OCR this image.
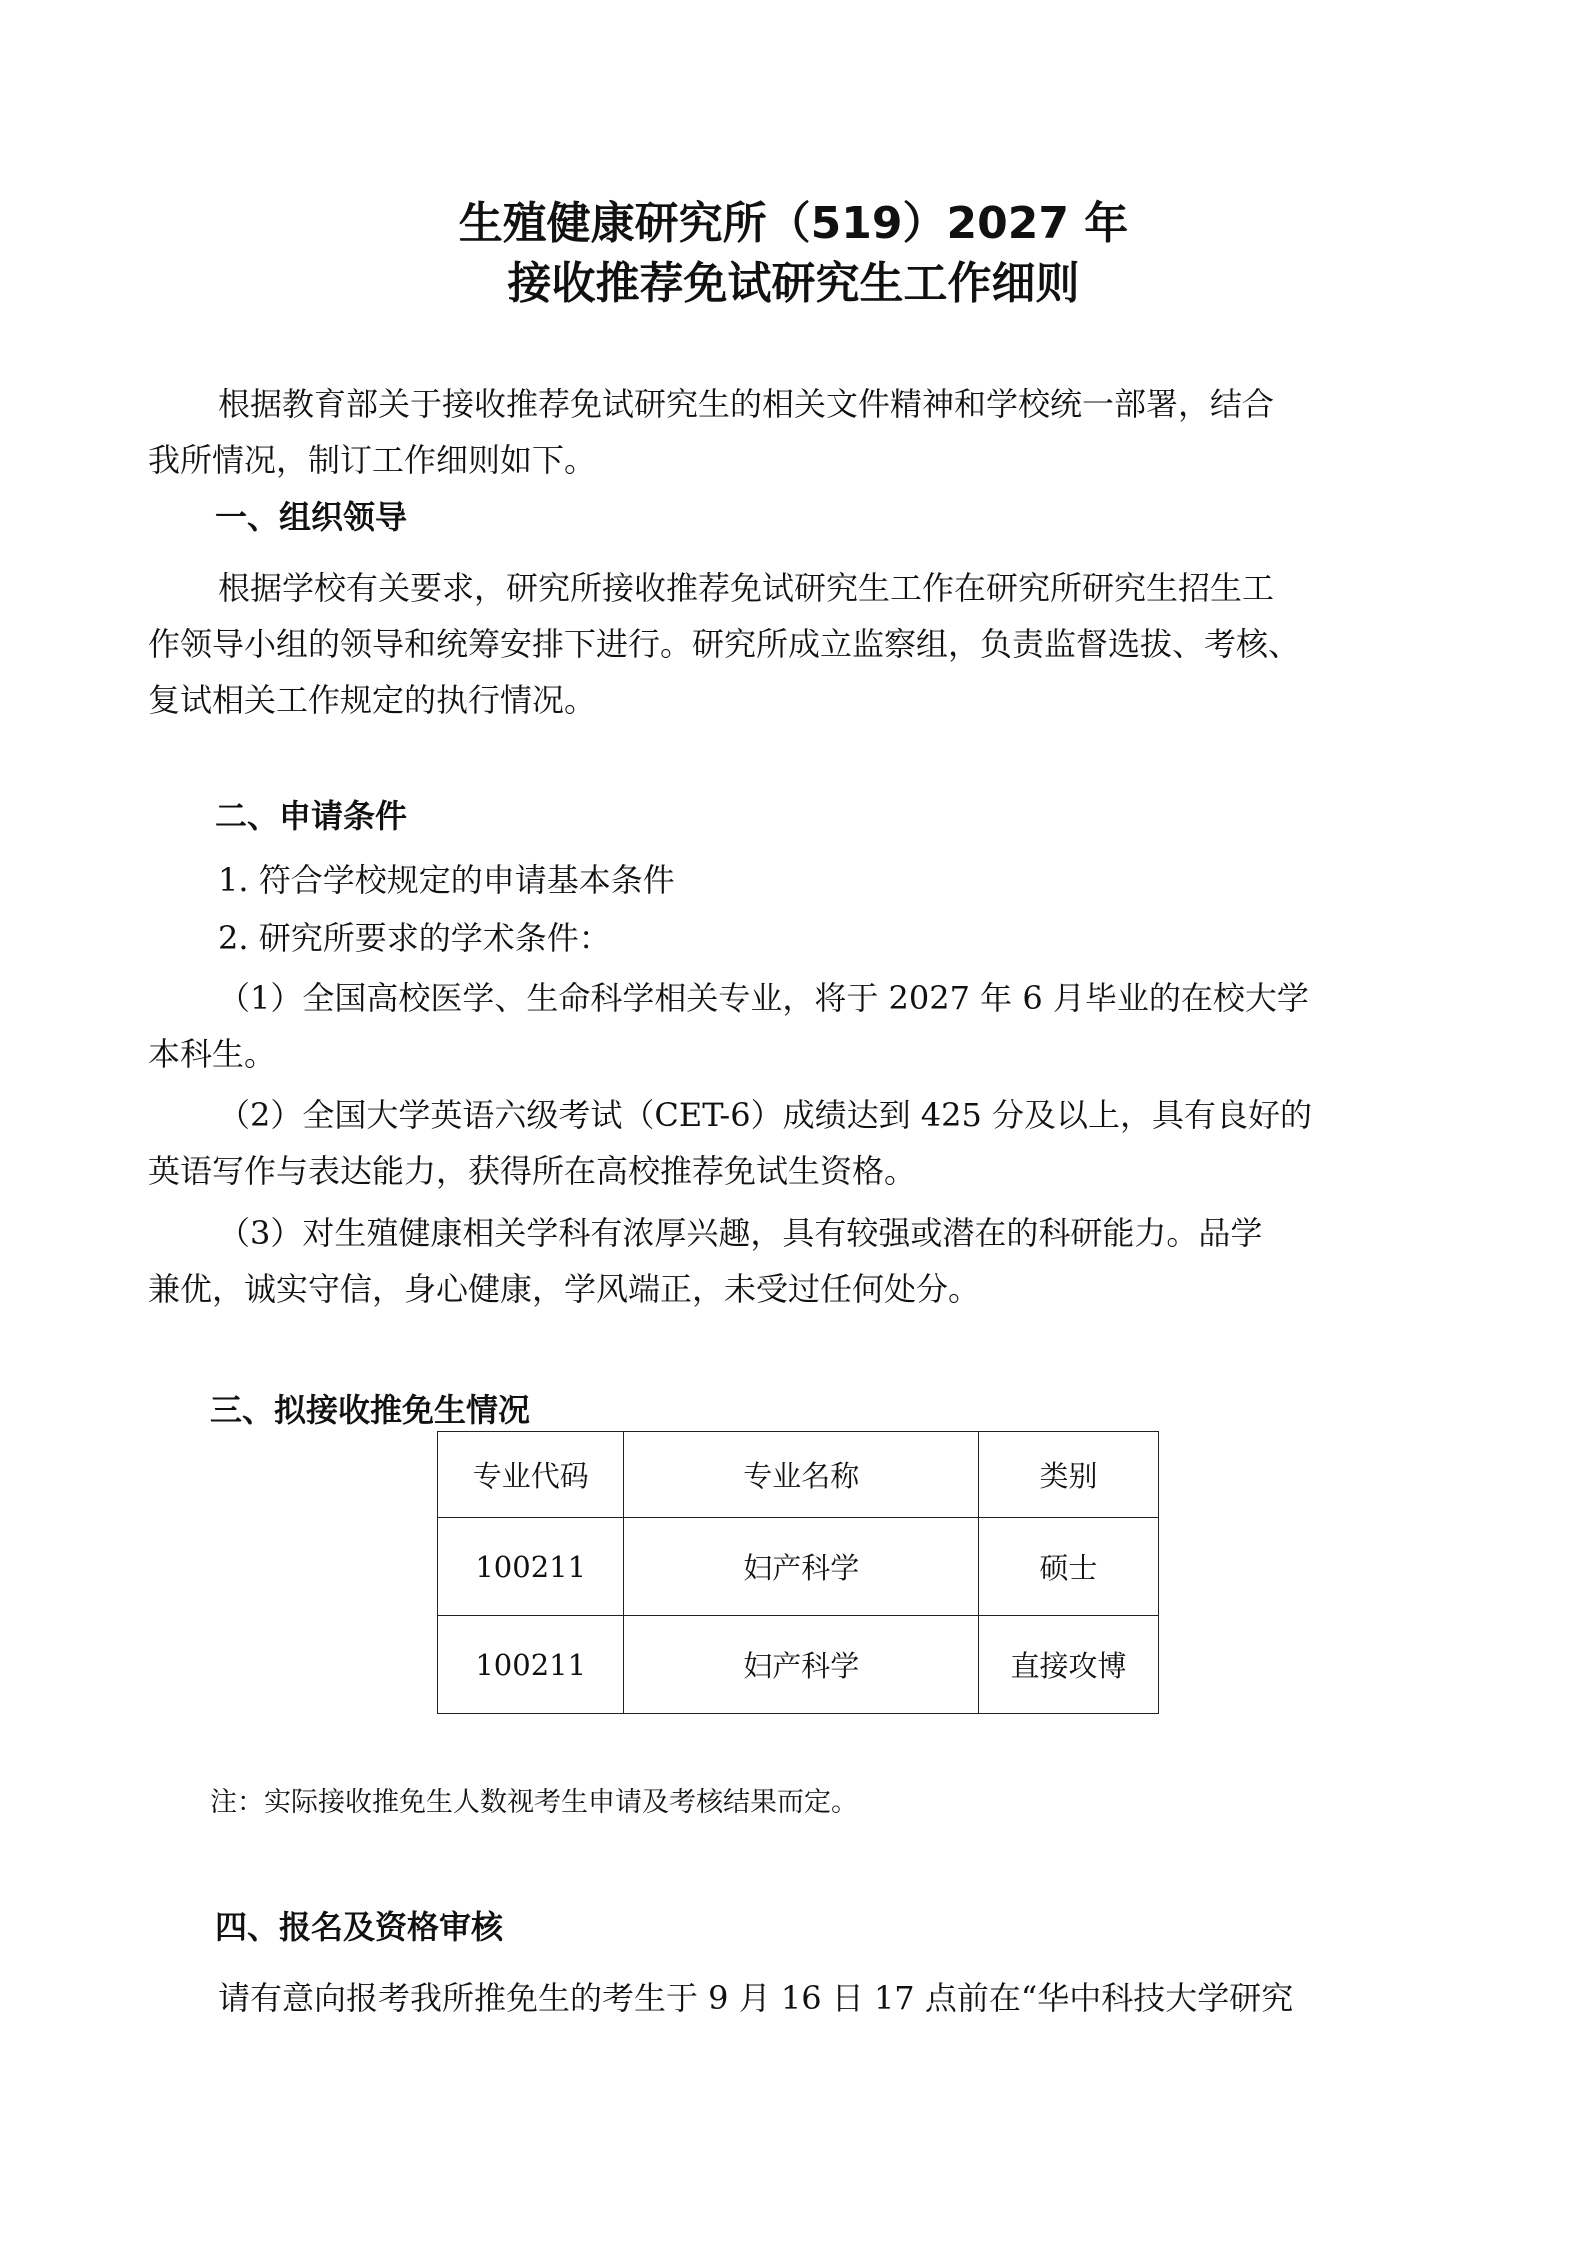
生殖健康研究所（519）2027 年
接收推荐免试研究生工作细则

根据教育部关于接收推荐免试研究生的相关文件精神和学校统一部署，结合
我所情况，制订工作细则如下。

一、组织领导

根据学校有关要求，研究所接收推荐免试研究生工作在研究所研究生招生工
作领导小组的领导和统筹安排下进行。研究所成立监察组，负责监督选拔、考核、
复试相关工作规定的执行情况。

二、申请条件

1. 符合学校规定的申请基本条件

2. 研究所要求的学术条件：

（1）全国高校医学、生命科学相关专业，将于 2027 年 6 月毕业的在校大学
本科生。

（2）全国大学英语六级考试（CET-6）成绩达到 425 分及以上，具有良好的
英语写作与表达能力，获得所在高校推荐免试生资格。

（3）对生殖健康相关学科有浓厚兴趣，具有较强或潜在的科研能力。品学
兼优，诚实守信，身心健康，学风端正，未受过任何处分。

三、拟接收推免生情况
专业代码	专业名称	类别
100211	妇产科学	硕士
100211	妇产科学	直接攻博
注：实际接收推免生人数视考生申请及考核结果而定。
四、报名及资格审核

请有意向报考我所推免生的考生于 9 月 16 日 17 点前在“华中科技大学研究
